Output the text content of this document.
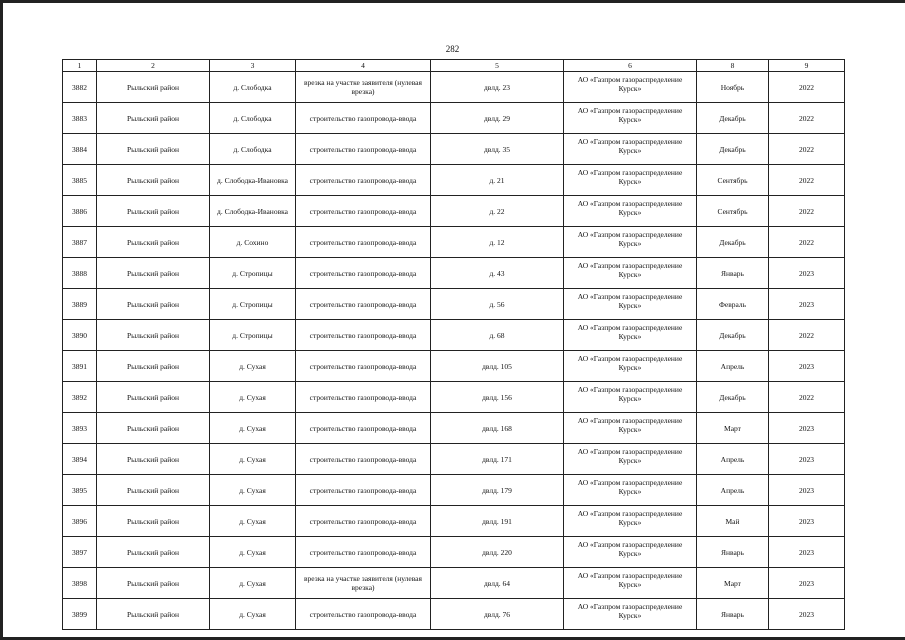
282
1	2	3	4	5	6	8	9
3882	Рыльский район	д. Слободка	врезка на участке заявителя (нулевая врезка)	двлд. 23	АО «Газпром газораспределение Курск»	Ноябрь	2022
3883	Рыльский район	д. Слободка	строительство газопровода-ввода	двлд. 29	АО «Газпром газораспределение Курск»	Декабрь	2022
3884	Рыльский район	д. Слободка	строительство газопровода-ввода	двлд. 35	АО «Газпром газораспределение Курск»	Декабрь	2022
3885	Рыльский район	д. Слободка-Ивановка	строительство газопровода-ввода	д. 21	АО «Газпром газораспределение Курск»	Сентябрь	2022
3886	Рыльский район	д. Слободка-Ивановка	строительство газопровода-ввода	д. 22	АО «Газпром газораспределение Курск»	Сентябрь	2022
3887	Рыльский район	д. Сохино	строительство газопровода-ввода	д. 12	АО «Газпром газораспределение Курск»	Декабрь	2022
3888	Рыльский район	д. Стропицы	строительство газопровода-ввода	д. 43	АО «Газпром газораспределение Курск»	Январь	2023
3889	Рыльский район	д. Стропицы	строительство газопровода-ввода	д. 56	АО «Газпром газораспределение Курск»	Февраль	2023
3890	Рыльский район	д. Стропицы	строительство газопровода-ввода	д. 68	АО «Газпром газораспределение Курск»	Декабрь	2022
3891	Рыльский район	д. Сухая	строительство газопровода-ввода	двлд. 105	АО «Газпром газораспределение Курск»	Апрель	2023
3892	Рыльский район	д. Сухая	строительство газопровода-ввода	двлд. 156	АО «Газпром газораспределение Курск»	Декабрь	2022
3893	Рыльский район	д. Сухая	строительство газопровода-ввода	двлд. 168	АО «Газпром газораспределение Курск»	Март	2023
3894	Рыльский район	д. Сухая	строительство газопровода-ввода	двлд. 171	АО «Газпром газораспределение Курск»	Апрель	2023
3895	Рыльский район	д. Сухая	строительство газопровода-ввода	двлд. 179	АО «Газпром газораспределение Курск»	Апрель	2023
3896	Рыльский район	д. Сухая	строительство газопровода-ввода	двлд. 191	АО «Газпром газораспределение Курск»	Май	2023
3897	Рыльский район	д. Сухая	строительство газопровода-ввода	двлд. 220	АО «Газпром газораспределение Курск»	Январь	2023
3898	Рыльский район	д. Сухая	врезка на участке заявителя (нулевая врезка)	двлд. 64	АО «Газпром газораспределение Курск»	Март	2023
3899	Рыльский район	д. Сухая	строительство газопровода-ввода	двлд. 76	АО «Газпром газораспределение Курск»	Январь	2023
